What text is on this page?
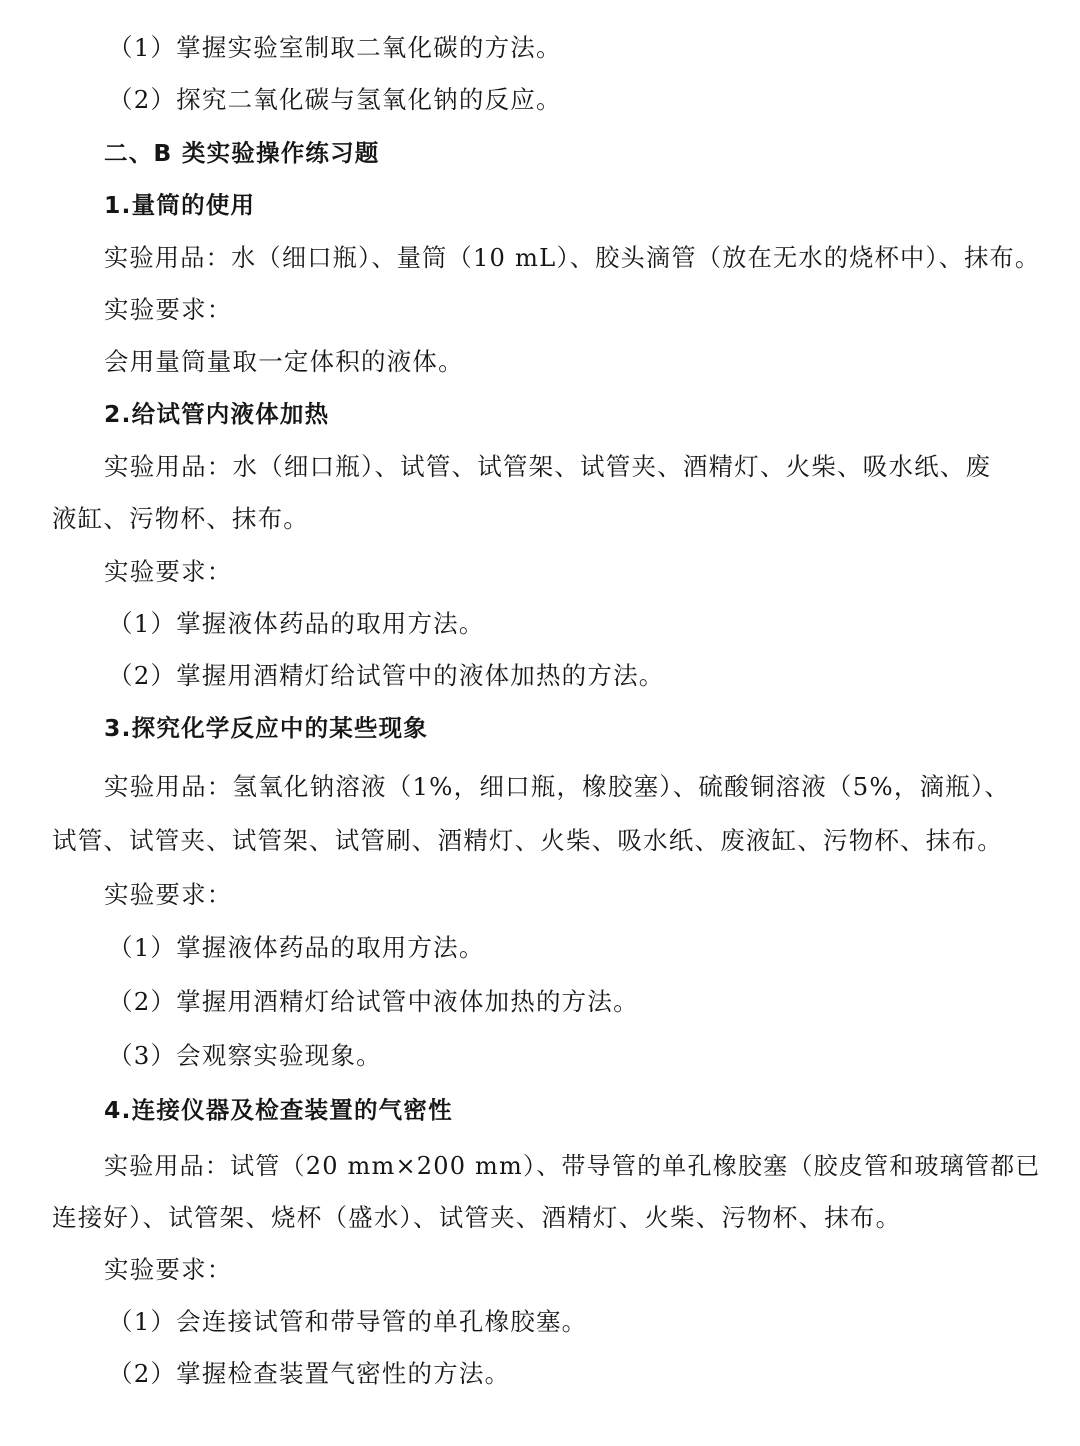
（1）掌握实验室制取二氧化碳的方法。
（2）探究二氧化碳与氢氧化钠的反应。
二、B 类实验操作练习题
1.量筒的使用
实验用品：水（细口瓶）、量筒（10 mL）、胶头滴管（放在无水的烧杯中）、抹布。
实验要求：
会用量筒量取一定体积的液体。
2.给试管内液体加热
实验用品：水（细口瓶）、试管、试管架、试管夹、酒精灯、火柴、吸水纸、废
液缸、污物杯、抹布。
实验要求：
（1）掌握液体药品的取用方法。
（2）掌握用酒精灯给试管中的液体加热的方法。
3.探究化学反应中的某些现象
实验用品：氢氧化钠溶液（1%，细口瓶，橡胶塞）、硫酸铜溶液（5%，滴瓶）、
试管、试管夹、试管架、试管刷、酒精灯、火柴、吸水纸、废液缸、污物杯、抹布。
实验要求：
（1）掌握液体药品的取用方法。
（2）掌握用酒精灯给试管中液体加热的方法。
（3）会观察实验现象。
4.连接仪器及检查装置的气密性
实验用品：试管（20 mm×200 mm）、带导管的单孔橡胶塞（胶皮管和玻璃管都已
连接好）、试管架、烧杯（盛水）、试管夹、酒精灯、火柴、污物杯、抹布。
实验要求：
（1）会连接试管和带导管的单孔橡胶塞。
（2）掌握检查装置气密性的方法。
